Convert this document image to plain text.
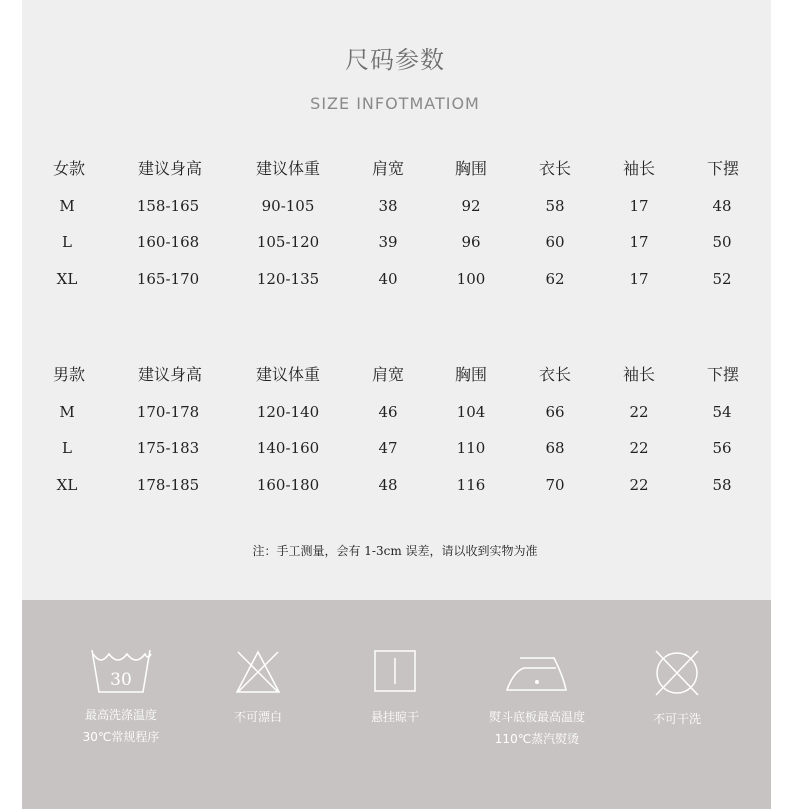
尺码参数
SIZE INFOTMATIOM
女款	建议身高	建议体重	肩宽	胸围	衣长	袖长	下摆
M	158-165	90-105	38	92	58	17	48
L	160-168	105-120	39	96	60	17	50
XL	165-170	120-135	40	100	62	17	52
男款	建议身高	建议体重	肩宽	胸围	衣长	袖长	下摆
M	170-178	120-140	46	104	66	22	54
L	175-183	140-160	47	110	68	22	56
XL	178-185	160-180	48	116	70	22	58
注：手工测量，会有 1-3cm 误差，请以收到实物为准
30
最高洗涤温度
30℃常规程序
不可漂白	悬挂晾干	熨斗底板最高温度
110℃蒸汽熨烫
不可干洗
